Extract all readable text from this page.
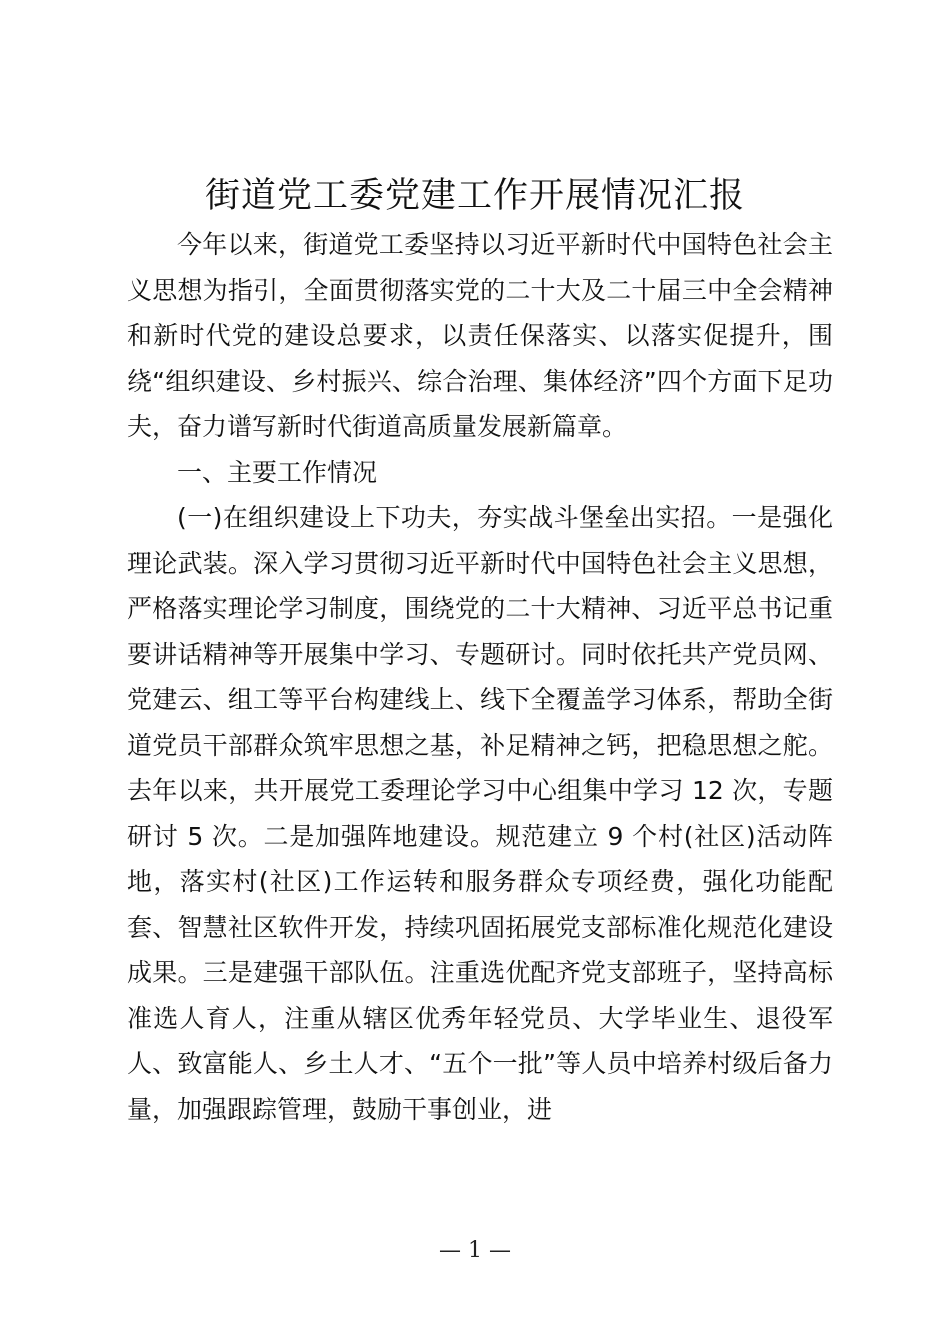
街道党工委党建工作开展情况汇报

今年以来，街道党工委坚持以习近平新时代中国特色社会主义思想为指引，全面贯彻落实党的二十大及二十届三中全会精神和新时代党的建设总要求，以责任保落实、以落实促提升，围绕“组织建设、乡村振兴、综合治理、集体经济”四个方面下足功夫，奋力谱写新时代街道高质量发展新篇章。

一、主要工作情况

(一)在组织建设上下功夫，夯实战斗堡垒出实招。一是强化理论武装。深入学习贯彻习近平新时代中国特色社会主义思想，严格落实理论学习制度，围绕党的二十大精神、习近平总书记重要讲话精神等开展集中学习、专题研讨。同时依托共产党员网、党建云、组工等平台构建线上、线下全覆盖学习体系，帮助全街道党员干部群众筑牢思想之基，补足精神之钙，把稳思想之舵。去年以来，共开展党工委理论学习中心组集中学习 12 次，专题研讨 5 次。二是加强阵地建设。规范建立 9 个村(社区)活动阵地，落实村(社区)工作运转和服务群众专项经费，强化功能配套、智慧社区软件开发，持续巩固拓展党支部标准化规范化建设成果。三是建强干部队伍。注重选优配齐党支部班子，坚持高标准选人育人，注重从辖区优秀年轻党员、大学毕业生、退役军人、致富能人、乡土人才、“五个一批”等人员中培养村级后备力量，加强跟踪管理，鼓励干事创业，进

— 1 —
